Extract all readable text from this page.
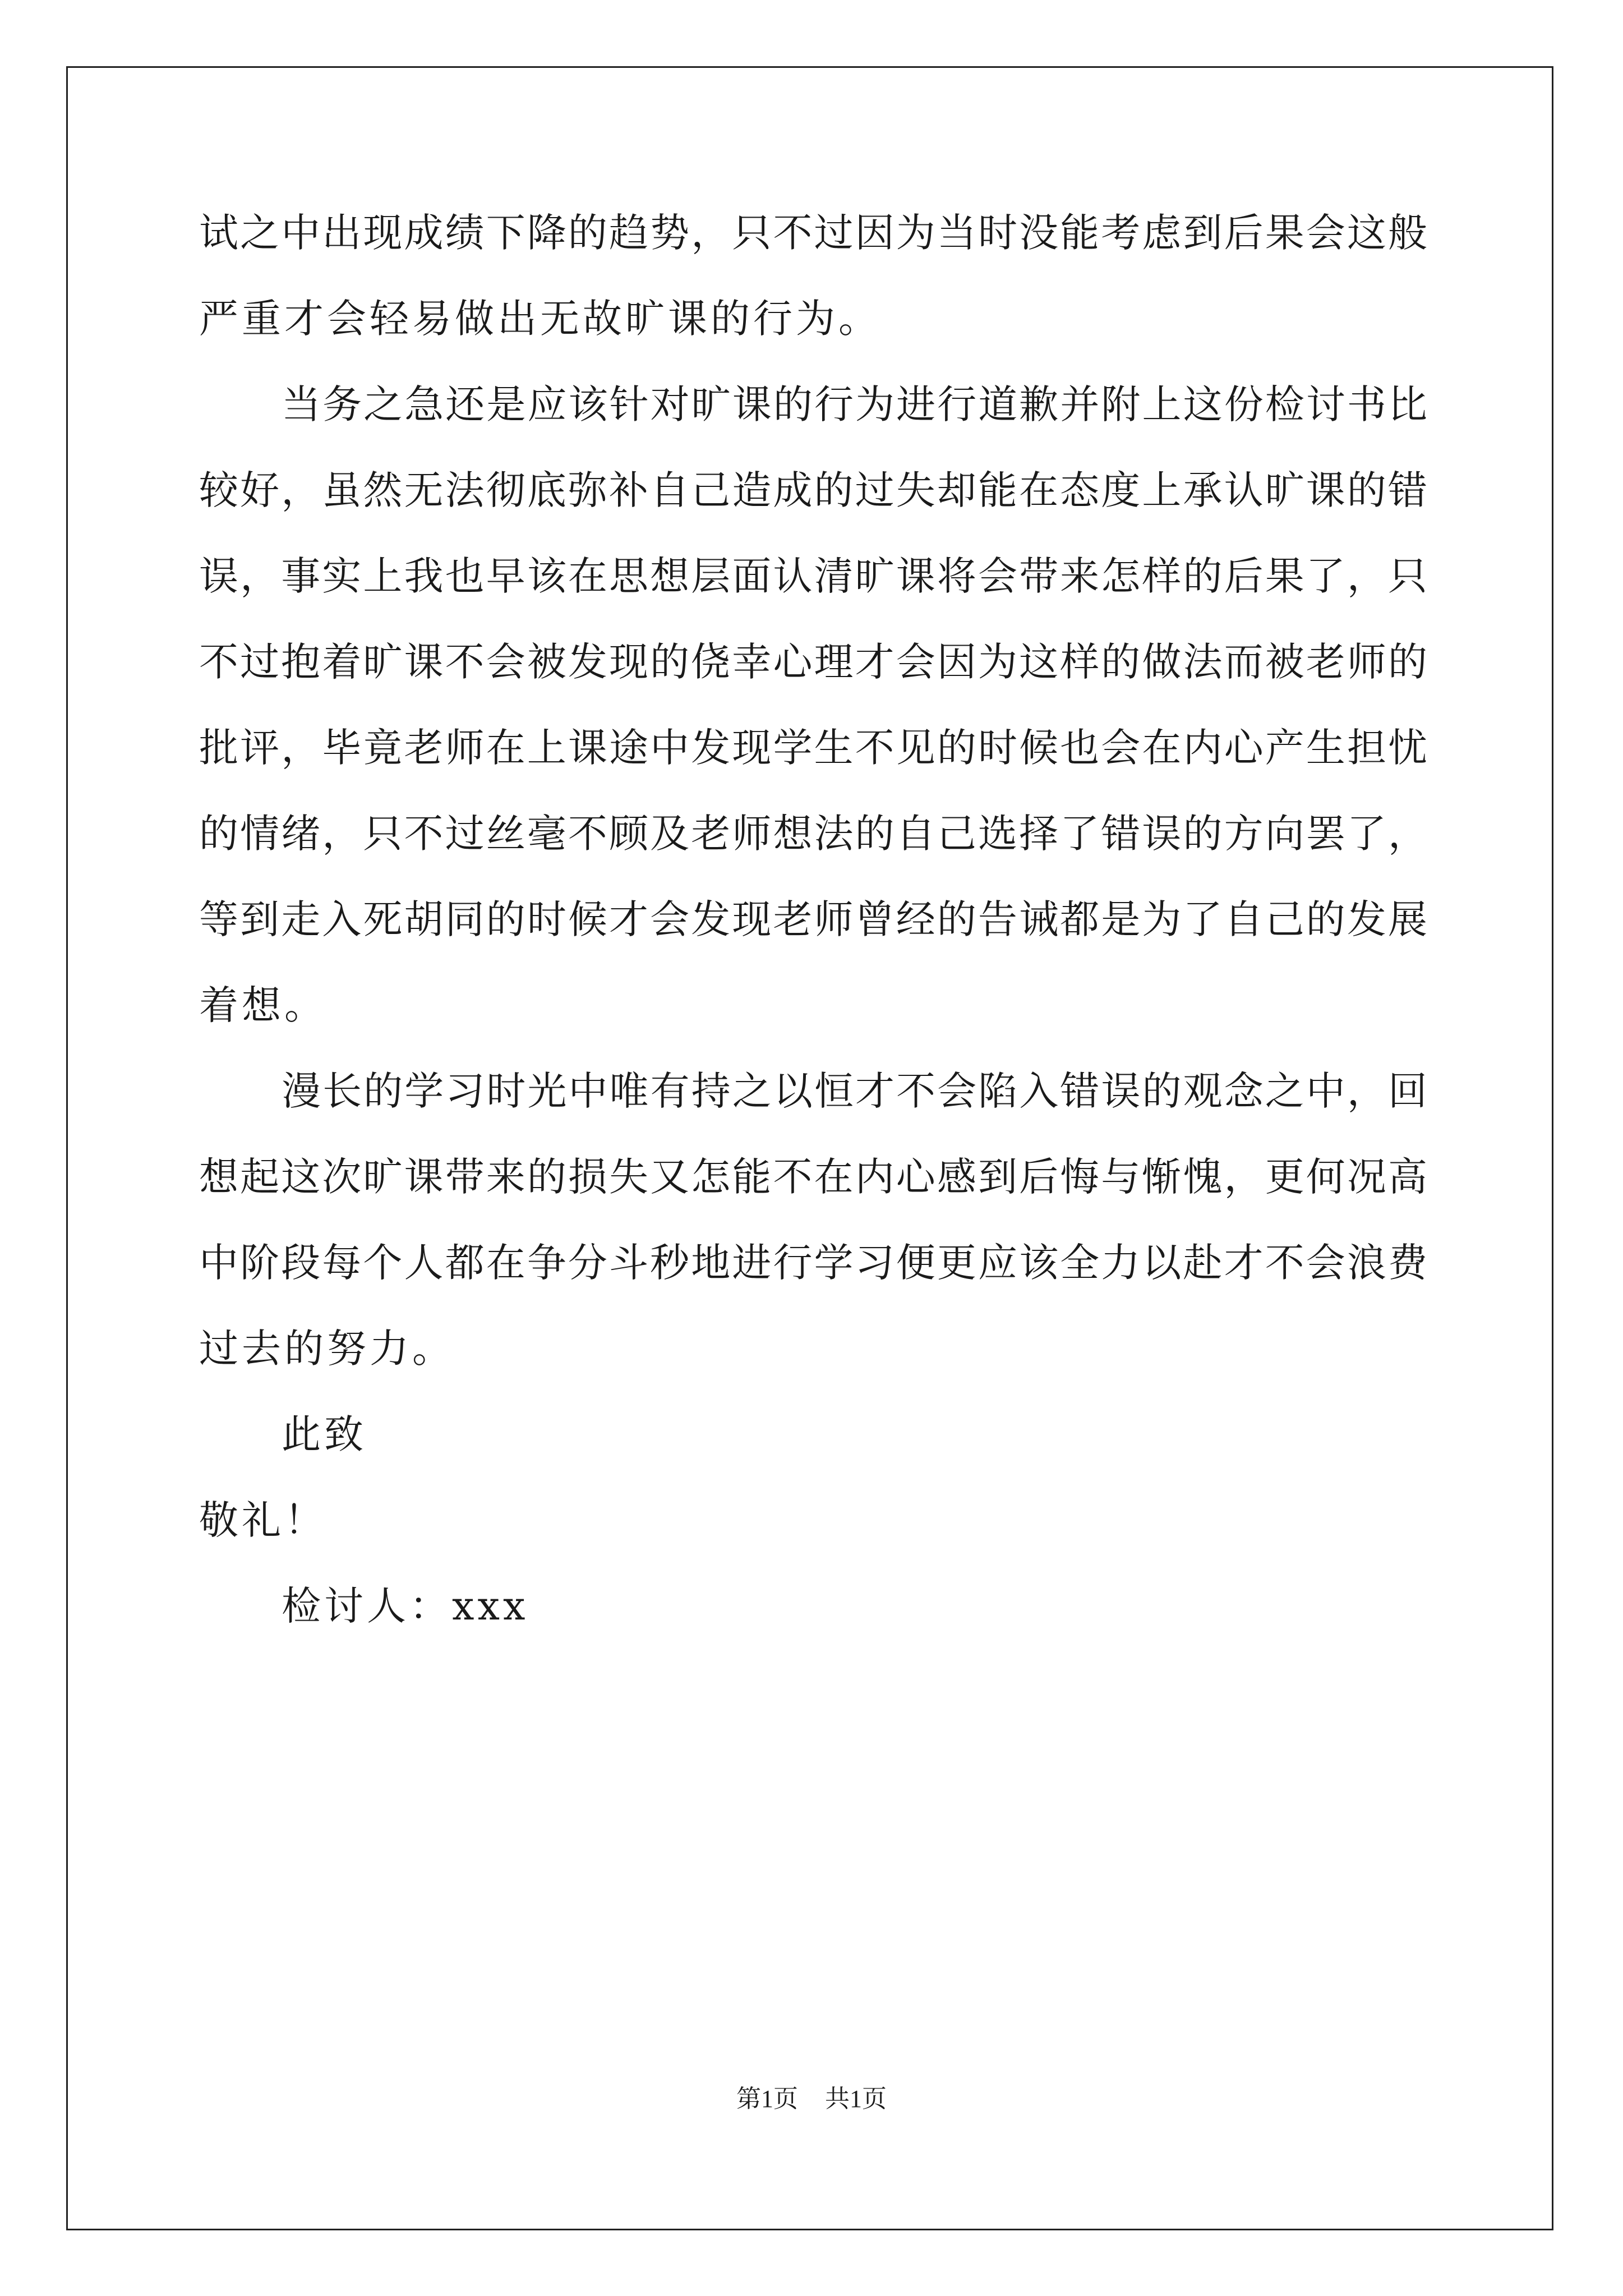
试之中出现成绩下降的趋势，只不过因为当时没能考虑到后果会这般

严重才会轻易做出无故旷课的行为。

当务之急还是应该针对旷课的行为进行道歉并附上这份检讨书比

较好，虽然无法彻底弥补自己造成的过失却能在态度上承认旷课的错

误，事实上我也早该在思想层面认清旷课将会带来怎样的后果了，只

不过抱着旷课不会被发现的侥幸心理才会因为这样的做法而被老师的

批评，毕竟老师在上课途中发现学生不见的时候也会在内心产生担忧

的情绪，只不过丝毫不顾及老师想法的自己选择了错误的方向罢了，

等到走入死胡同的时候才会发现老师曾经的告诫都是为了自己的发展

着想。

漫长的学习时光中唯有持之以恒才不会陷入错误的观念之中，回

想起这次旷课带来的损失又怎能不在内心感到后悔与惭愧，更何况高

中阶段每个人都在争分斗秒地进行学习便更应该全力以赴才不会浪费

过去的努力。

此致

敬礼！

检讨人：xxx

第1页 共1页
